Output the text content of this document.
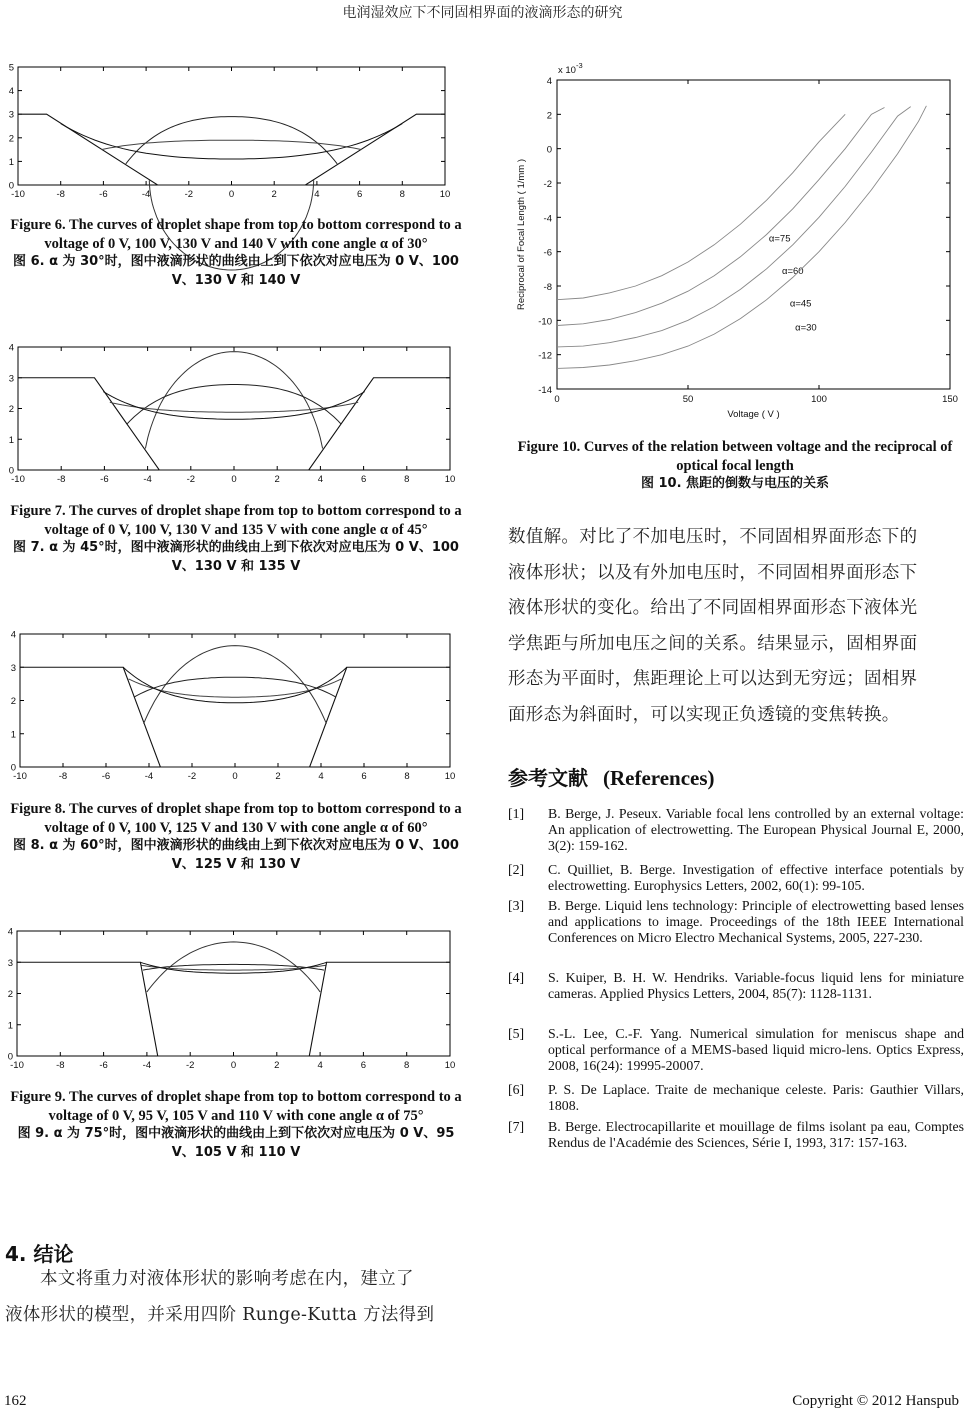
电润湿效应下不同固相界面的液滴形态的研究
-10	-8	-6	-4	-2	0	2	4	6	8	10
0
1
2
3
4
5
Figure 6. The curves of droplet shape from top to bottom correspond to a voltage of 0 V, 100 V, 130 V and 140 V with cone angle α of 30°
图 6. α 为 30°时，图中液滴形状的曲线由上到下依次对应电压为 0 V、100 V、130 V 和 140 V
-10	-8	-6	-4	-2	0	2	4	6	8	10
0
1
2
3
4
Figure 7. The curves of droplet shape from top to bottom correspond to a voltage of 0 V, 100 V, 130 V and 135 V with cone angle α of 45°
图 7. α 为 45°时，图中液滴形状的曲线由上到下依次对应电压为 0 V、100 V、130 V 和 135 V
-10	-8	-6	-4	-2	0	2	4	6	8	10
0
1
2
3
4
Figure 8. The curves of droplet shape from top to bottom correspond to a voltage of 0 V, 100 V, 125 V and 130 V with cone angle α of 60°
图 8. α 为 60°时，图中液滴形状的曲线由上到下依次对应电压为 0 V、100 V、125 V 和 130 V
-10	-8	-6	-4	-2	0	2	4	6	8	10
0
1
2
3
4
Figure 9. The curves of droplet shape from top to bottom correspond to a voltage of 0 V, 95 V, 105 V and 110 V with cone angle α of 75°
图 9. α 为 75°时，图中液滴形状的曲线由上到下依次对应电压为 0 V、95 V、105 V 和 110 V
0	50	100	150
-14
-12
-10
-8
-6
-4
-2
0
2
4
x $10^{-3}$
Voltage ( V )
Reciprocal of Focal Length ( 1/mm )	α=75
α=60
α=45
α=30
Figure 10. Curves of the relation between voltage and the reciprocal of optical focal length
图 10. 焦距的倒数与电压的关系
4. 结论
本文将重力对液体形状的影响考虑在内，建立了
液体形状的模型，并采用四阶 Runge-Kutta 方法得到
数值解。对比了不加电压时，不同固相界面形态下的
液体形状；以及有外加电压时，不同固相界面形态下
液体形状的变化。给出了不同固相界面形态下液体光
学焦距与所加电压之间的关系。结果显示，固相界面
形态为平面时，焦距理论上可以达到无穷远；固相界
面形态为斜面时，可以实现正负透镜的变焦转换。
参考文献 (References)
[1] B. Berge, J. Peseux. Variable focal lens controlled by an external voltage: An application of electrowetting. The European Physical Journal E, 2000, 3(2): 159-162.
[2] C. Quilliet, B. Berge. Investigation of effective interface potentials by electrowetting. Europhysics Letters, 2002, 60(1): 99-105.
[3] B. Berge. Liquid lens technology: Principle of electrowetting based lenses and applications to image. Proceedings of the 18th IEEE International Conferences on Micro Electro Mechanical Systems, 2005, 227-230.
[4] S. Kuiper, B. H. W. Hendriks. Variable-focus liquid lens for miniature cameras. Applied Physics Letters, 2004, 85(7): 1128-1131.
[5] S.-L. Lee, C.-F. Yang. Numerical simulation for meniscus shape and optical performance of a MEMS-based liquid micro-lens. Optics Express, 2008, 16(24): 19995-20007.
[6] P. S. De Laplace. Traite de mechanique celeste. Paris: Gauthier Villars, 1808.
[7] B. Berge. Electrocapillarite et mouillage de films isolant pa eau, Comptes Rendus de l'Académie des Sciences, Série I, 1993, 317: 157-163.
162	Copyright © 2012 Hanspub
